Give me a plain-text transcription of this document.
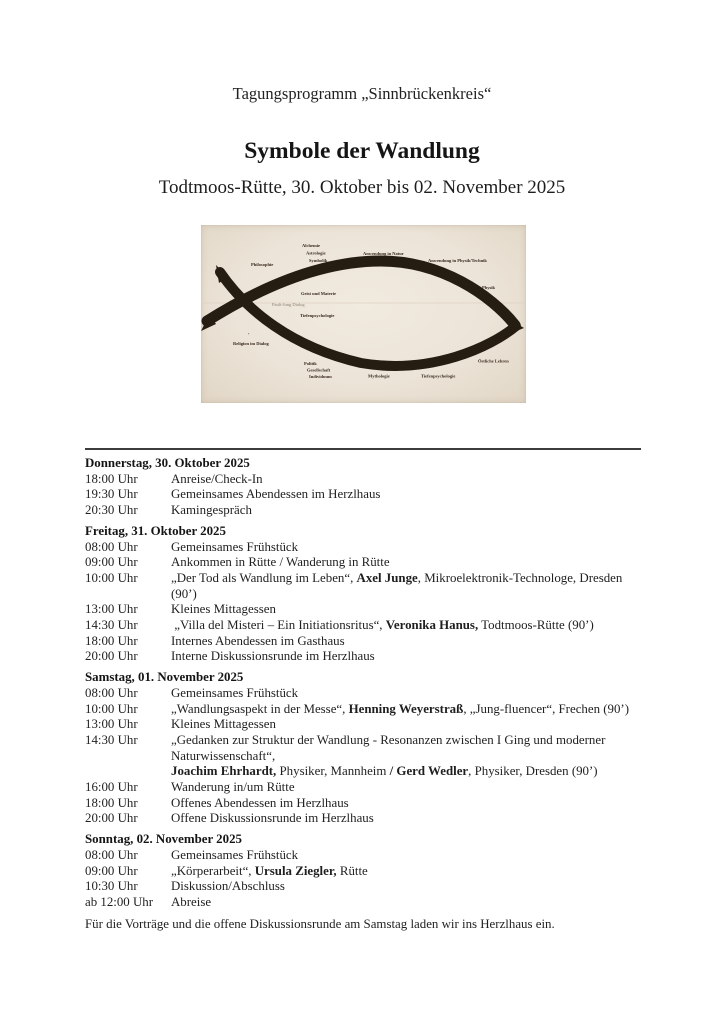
Tagungsprogramm „Sinnbrückenkreis“
Symbole der Wandlung
Todtmoos-Rütte, 30. Oktober bis 02. November 2025
Alchemie
Astrologie
Symbolik
Anwendung in Natur
Anwendung in Physik/Technik
Philosophie
Physik
Geist und Materie
Pauli-Jung Dialog
Tiefenpsychologie
’
Religion im Dialog
Politik
Gesellschaft
Individuum	Mythologie	Tiefenpsychologie
Östliche Lehren
Donnerstag, 30. Oktober 2025
18:00 Uhr	Anreise/Check-In
19:30 Uhr	Gemeinsames Abendessen im Herzlhaus
20:30 Uhr	Kamingespräch
Freitag, 31. Oktober 2025
08:00 Uhr	Gemeinsames Frühstück
09:00 Uhr	Ankommen in Rütte / Wanderung in Rütte
10:00 Uhr	„Der Tod als Wandlung im Leben“, Axel Junge, Mikroelektronik-Technologe, Dresden
(90’)
13:00 Uhr	Kleines Mittagessen
14:30 Uhr	„Villa del Misteri – Ein Initiationsritus“, Veronika Hanus, Todtmoos-Rütte (90’)
18:00 Uhr	Internes Abendessen im Gasthaus
20:00 Uhr	Interne Diskussionsrunde im Herzlhaus
Samstag, 01. November 2025
08:00 Uhr	Gemeinsames Frühstück
10:00 Uhr	„Wandlungsaspekt in der Messe“, Henning Weyerstraß, „Jung-fluencer“, Frechen (90’)
13:00 Uhr	Kleines Mittagessen
14:30 Uhr	„Gedanken zur Struktur der Wandlung - Resonanzen zwischen I Ging und moderner
Naturwissenschaft“,
Joachim Ehrhardt, Physiker, Mannheim / Gerd Wedler, Physiker, Dresden (90’)
16:00 Uhr	Wanderung in/um Rütte
18:00 Uhr	Offenes Abendessen im Herzlhaus
20:00 Uhr	Offene Diskussionsrunde im Herzlhaus
Sonntag, 02. November 2025
08:00 Uhr	Gemeinsames Frühstück
09:00 Uhr	„Körperarbeit“, Ursula Ziegler, Rütte
10:30 Uhr	Diskussion/Abschluss
ab 12:00 Uhr	Abreise
Für die Vorträge und die offene Diskussionsrunde am Samstag laden wir ins Herzlhaus ein.
